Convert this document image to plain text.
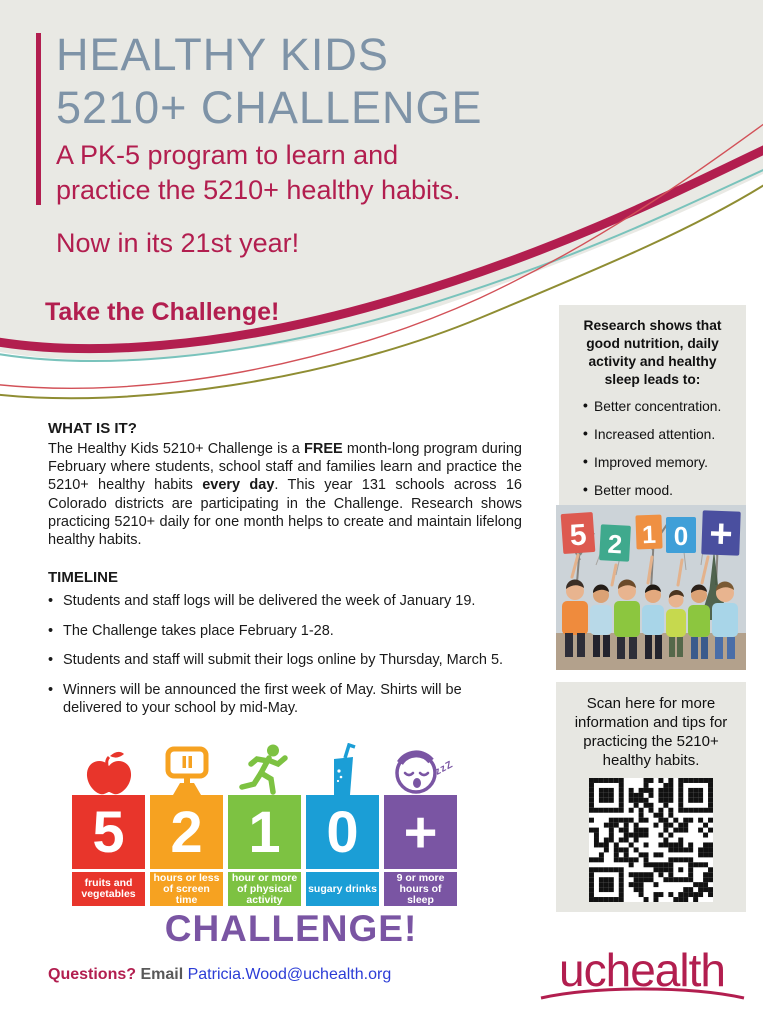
HEALTHY KIDS
5210+ CHALLENGE
A PK-5 program to learn and
practice the 5210+ healthy habits.
Now in its 21st year!
Take the Challenge!
WHAT IS IT?

The Healthy Kids 5210+ Challenge is a FREE month-long program during February where students, school staff and families learn and practice the 5210+ healthy habits every day. This year 131 schools across 16 Colorado districts are participating in the Challenge. Research shows practicing 5210+ daily for one month helps to create and maintain lifelong healthy habits.

TIMELINE
• Students and staff logs will be delivered the week of January 19.
• The Challenge takes place February 1-28.
• Students and staff will submit their logs online by Thursday, March 5.
• Winners will be announced the first week of May. Shirts will be delivered to your school by mid-May.
5
fruits and vegetables
2
hours or less of screen time
1
hour or more of physical activity
0
sugary drinks
zzZ
+
9 or more hours of sleep
CHALLENGE!
Research shows that good nutrition, daily activity and healthy sleep leads to:
• Better concentration.
• Increased attention.
• Improved memory.
• Better mood.
•
5 2 1 0 +
Scan here for more information and tips for practicing the 5210+ healthy habits.
Questions? Email Patricia.Wood@uchealth.org	uchealth
